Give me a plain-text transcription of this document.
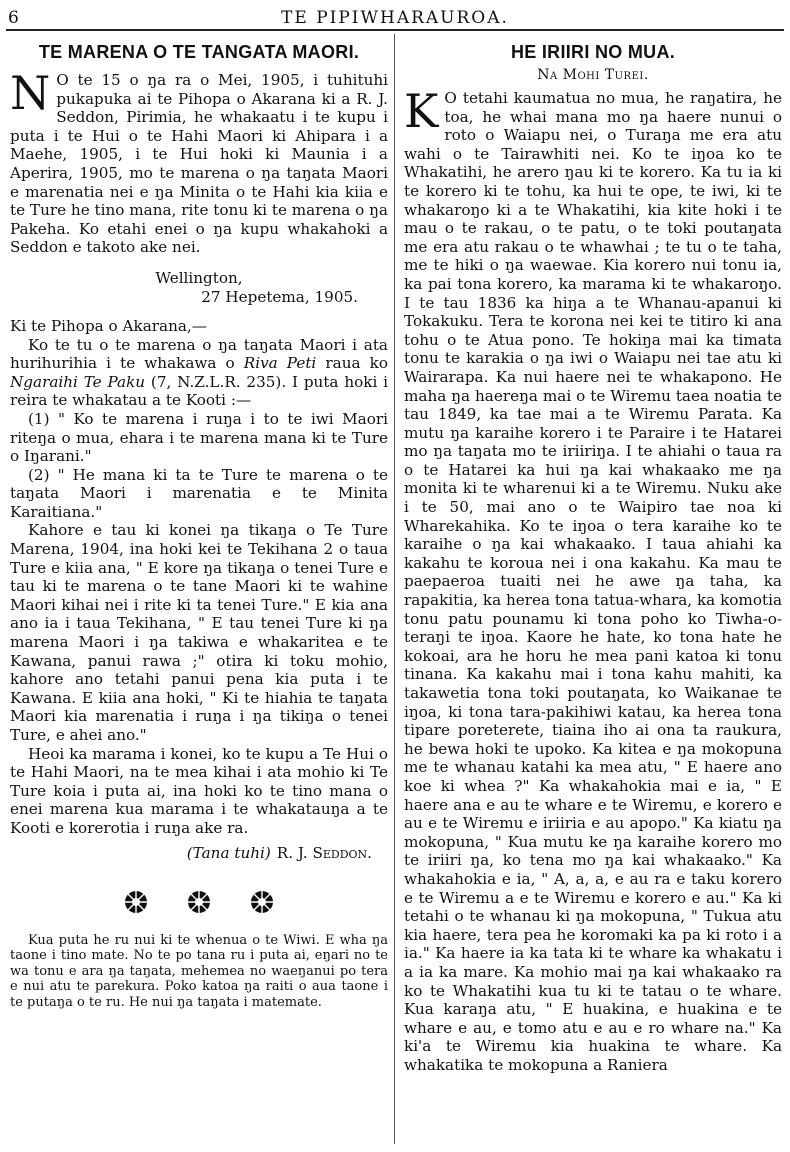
6	TE PIPIWHARAUROA.
TE MARENA O TE TANGATA MAORI.

N O te 15 o ŋa ra o Mei, 1905, i tuhituhi pukapuka ai te Pihopa o Akarana ki a R. J. Seddon, Pirimia, he whakaatu i te kupu i puta i te Hui o te Hahi Maori ki Ahipara i a Maehe, 1905, i te Hui hoki ki Maunia i a Aperira, 1905, mo te marena o ŋa taŋata Maori e marenatia nei e ŋa Minita o te Hahi kia kiia e te Ture he tino mana, rite tonu ki te marena o ŋa Pakeha. Ko etahi enei o ŋa kupu whakahoki a Seddon e takoto ake nei.

Wellington,
27 Hepetema, 1905.

Ki te Pihopa o Akarana,—

Ko te tu o te marena o ŋa taŋata Maori i ata hurihurihia i te whakawa o Riva Peti raua ko Ngaraihi Te Paku (7, N.Z.L.R. 235). I puta hoki i reira te whakatau a te Kooti :—

(1) " Ko te marena i ruŋa i to te iwi Maori riteŋa o mua, ehara i te marena mana ki te Ture o Iŋarani."

(2) " He mana ki ta te Ture te marena o te taŋata Maori i marenatia e te Minita Karaitiana."

Kahore e tau ki konei ŋa tikaŋa o Te Ture Marena, 1904, ina hoki kei te Tekihana 2 o taua Ture e kiia ana, " E kore ŋa tikaŋa o tenei Ture e tau ki te marena o te tane Maori ki te wahine Maori kihai nei i rite ki ta tenei Ture." E kia ana ano ia i taua Tekihana, " E tau tenei Ture ki ŋa marena Maori i ŋa takiwa e whakaritea e te Kawana, panui rawa ;" otira ki toku mohio, kahore ano tetahi panui pena kia puta i te Kawana. E kiia ana hoki, " Ki te hiahia te taŋata Maori kia marenatia i ruŋa i ŋa tikiŋa o tenei Ture, e ahei ano."

Heoi ka marama i konei, ko te kupu a Te Hui o te Hahi Maori, na te mea kihai i ata mohio ki Te Ture koia i puta ai, ina hoki ko te tino mana o enei marena kua marama i te whakatauŋa a te Kooti e korerotia i ruŋa ake ra.

(Tana tuhi) R. J. Seddon.

Kua puta he ru nui ki te whenua o te Wiwi. E wha ŋa taone i tino mate. No te po tana ru i puta ai, eŋari no te wa tonu e ara ŋa taŋata, mehemea no waeŋanui po tera e nui atu te parekura. Poko katoa ŋa raiti o aua taone i te putaŋa o te ru. He nui ŋa taŋata i matemate.

HE IRIIRI NO MUA.
Na Mohi Turei.

K O tetahi kaumatua no mua, he raŋatira, he toa, he whai mana mo ŋa haere nunui o roto o Waiapu nei, o Turaŋa me era atu wahi o te Tairawhiti nei. Ko te iŋoa ko te Whakatihi, he arero ŋau ki te korero. Ka tu ia ki te korero ki te tohu, ka hui te ope, te iwi, ki te whakaroŋo ki a te Whakatihi, kia kite hoki i te mau o te rakau, o te patu, o te toki poutaŋata me era atu rakau o te whawhai ; te tu o te taha, me te hiki o ŋa waewae. Kia korero nui tonu ia, ka pai tona korero, ka marama ki te whakaroŋo. I te tau 1836 ka hiŋa a te Whanau-apanui ki Tokakuku. Tera te korona nei kei te titiro ki ana tohu o te Atua pono. Te hokiŋa mai ka timata tonu te karakia o ŋa iwi o Waiapu nei tae atu ki Wairarapa. Ka nui haere nei te whakapono. He maha ŋa haereŋa mai o te Wiremu taea noatia te tau 1849, ka tae mai a te Wiremu Parata. Ka mutu ŋa karaihe korero i te Paraire i te Hatarei mo ŋa taŋata mo te iriiriŋa. I te ahiahi o taua ra o te Hatarei ka hui ŋa kai whakaako me ŋa monita ki te wharenui ki a te Wiremu. Nuku ake i te 50, mai ano o te Waipiro tae noa ki Wharekahika. Ko te iŋoa o tera karaihe ko te karaihe o ŋa kai whakaako. I taua ahiahi ka kakahu te koroua nei i ona kakahu. Ka mau te paepaeroa tuaiti nei he awe ŋa taha, ka rapakitia, ka herea tona tatua-whara, ka komotia tonu patu pounamu ki tona poho ko Tiwha-o-teraŋi te iŋoa. Kaore he hate, ko tona hate he kokoai, ara he horu he mea pani katoa ki tonu tinana. Ka kakahu mai i tona kahu mahiti, ka takawetia tona toki poutaŋata, ko Waikanae te iŋoa, ki tona tara-pakihiwi katau, ka herea tona tipare poreterete, tiaina iho ai ona ta raukura, he bewa hoki te upoko. Ka kitea e ŋa mokopuna me te whanau katahi ka mea atu, " E haere ano koe ki whea ?" Ka whakahokia mai e ia, " E haere ana e au te whare e te Wiremu, e korero e au e te Wiremu e iriiria e au apopo." Ka kiatu ŋa mokopuna, " Kua mutu ke ŋa karaihe korero mo te iriiri ŋa, ko tena mo ŋa kai whakaako." Ka whakahokia e ia, " A, a, a, e au ra e taku korero e te Wiremu a e te Wiremu e korero e au." Ka ki tetahi o te whanau ki ŋa mokopuna, " Tukua atu kia haere, tera pea he koromaki ka pa ki roto i a ia." Ka haere ia ka tata ki te whare ka whakatu i a ia ka mare. Ka mohio mai ŋa kai whakaako ra ko te Whakatihi kua tu ki te tatau o te whare. Kua karaŋa atu, " E huakina, e huakina e te whare e au, e tomo atu e au e ro whare na." Ka ki'a te Wiremu kia huakina te whare. Ka whakatika te mokopuna a Raniera
